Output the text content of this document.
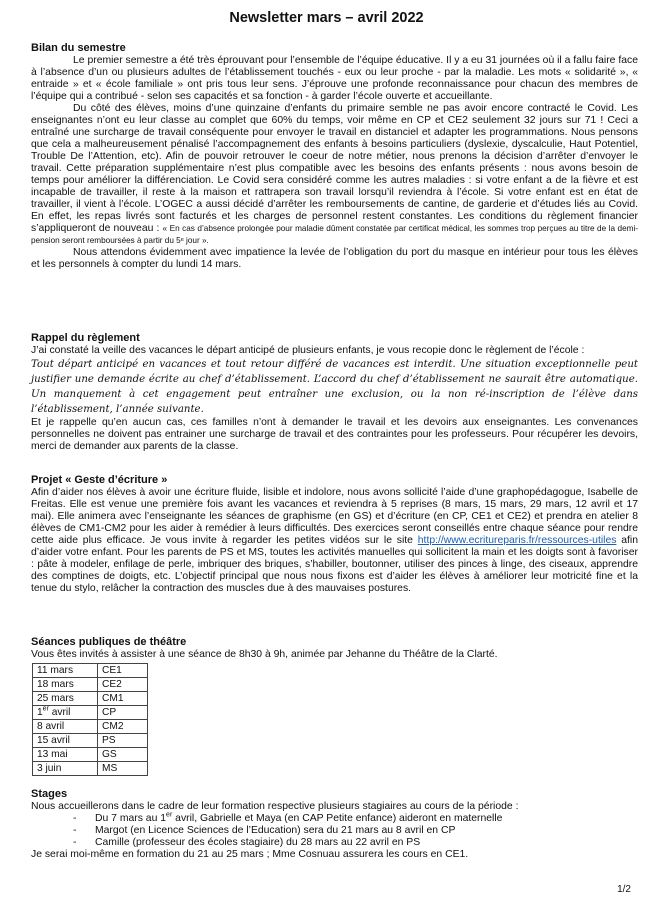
Newsletter mars – avril 2022
Bilan du semestre

Le premier semestre a été très éprouvant pour l’ensemble de l’équipe éducative. Il y a eu 31 journées où il a fallu faire face à l’absence d’un ou plusieurs adultes de l’établissement touchés - eux ou leur proche - par la maladie. Les mots « solidarité », « entraide » et « école familiale » ont pris tous leur sens. J’éprouve une profonde reconnaissance pour chacun des membres de l’équipe qui a contribué - selon ses capacités et sa fonction - à garder l’école ouverte et accueillante.

Du côté des élèves, moins d’une quinzaine d’enfants du primaire semble ne pas avoir encore contracté le Covid. Les enseignantes n’ont eu leur classe au complet que 60% du temps, voir même en CP et CE2 seulement 32 jours sur 71 ! Ceci a entraîné une surcharge de travail conséquente pour envoyer le travail en distanciel et adapter les programmations. Nous pensons que cela a malheureusement pénalisé l’accompagnement des enfants à besoins particuliers (dyslexie, dyscalculie, Haut Potentiel, Trouble De l’Attention, etc). Afin de pouvoir retrouver le coeur de notre métier, nous prenons la décision d’arrêter d’envoyer le travail. Cette préparation supplémentaire n’est plus compatible avec les besoins des enfants présents : nous avons besoin de temps pour améliorer la différenciation. Le Covid sera considéré comme les autres maladies : si votre enfant a de la fièvre et est incapable de travailler, il reste à la maison et rattrapera son travail lorsqu’il reviendra à l’école. Si votre enfant est en état de travailler, il vient à l’école. L’OGEC a aussi décidé d’arrêter les remboursements de cantine, de garderie et d’études liés au Covid. En effet, les repas livrés sont facturés et les charges de personnel restent constantes. Les conditions du règlement financier s’appliqueront de nouveau : « En cas d’absence prolongée pour maladie dûment constatée par certificat médical, les sommes trop perçues au titre de la demi-pension seront remboursées à partir du 5ᵉ jour ».

Nous attendons évidemment avec impatience la levée de l’obligation du port du masque en intérieur pour tous les élèves et les personnels à compter du lundi 14 mars.

Rappel du règlement

J’ai constaté la veille des vacances le départ anticipé de plusieurs enfants, je vous recopie donc le règlement de l’école :

Tout départ anticipé en vacances et tout retour différé de vacances est interdit. Une situation exceptionnelle peut justifier une demande écrite au chef d’établissement. L’accord du chef d’établissement ne saurait être automatique. Un manquement à cet engagement peut entraîner une exclusion, ou la non ré-inscription de l’élève dans l’établissement, l’année suivante.

Et je rappelle qu’en aucun cas, ces familles n’ont à demander le travail et les devoirs aux enseignantes. Les convenances personnelles ne doivent pas entrainer une surcharge de travail et des contraintes pour les professeurs. Pour récupérer les devoirs, merci de demander aux parents de la classe.

Projet « Geste d’écriture »

Afin d’aider nos élèves à avoir une écriture fluide, lisible et indolore, nous avons sollicité l’aide d’une graphopédagogue, Isabelle de Freitas. Elle est venue une première fois avant les vacances et reviendra à 5 reprises (8 mars, 15 mars, 29 mars, 12 avril et 17 mai). Elle animera avec l’enseignante les séances de graphisme (en GS) et d’écriture (en CP, CE1 et CE2) et prendra en atelier 8 élèves de CM1-CM2 pour les aider à remédier à leurs difficultés. Des exercices seront conseillés entre chaque séance pour rendre cette aide plus efficace. Je vous invite à regarder les petites vidéos sur le site http://www.ecritureparis.fr/ressources-utiles afin d’aider votre enfant. Pour les parents de PS et MS, toutes les activités manuelles qui sollicitent la main et les doigts sont à favoriser : pâte à modeler, enfilage de perle, imbriquer des briques, s’habiller, boutonner, utiliser des pinces à linge, des ciseaux, apprendre des comptines de doigts, etc. L’objectif principal que nous nous fixons est d’aider les élèves à améliorer leur motricité fine et la tenue du stylo, relâcher la contraction des muscles due à des mauvaises postures.

Séances publiques de théâtre

Vous êtes invités à assister à une séance de 8h30 à 9h, animée par Jehanne du Théâtre de la Clarté.

11 mars	CE1
18 mars	CE2
25 mars	CM1
1er avril	CP
8 avril	CM2
15 avril	PS
13 mai	GS
3 juin	MS
Stages

Nous accueillerons dans le cadre de leur formation respective plusieurs stagiaires au cours de la période :

- Du 7 mars au 1er avril, Gabrielle et Maya (en CAP Petite enfance) aideront en maternelle
- Margot (en Licence Sciences de l’Education) sera du 21 mars au 8 avril en CP
- Camille (professeur des écoles stagiaire) du 28 mars au 22 avril en PS

Je serai moi-même en formation du 21 au 25 mars ; Mme Cosnuau assurera les cours en CE1.

1/2
